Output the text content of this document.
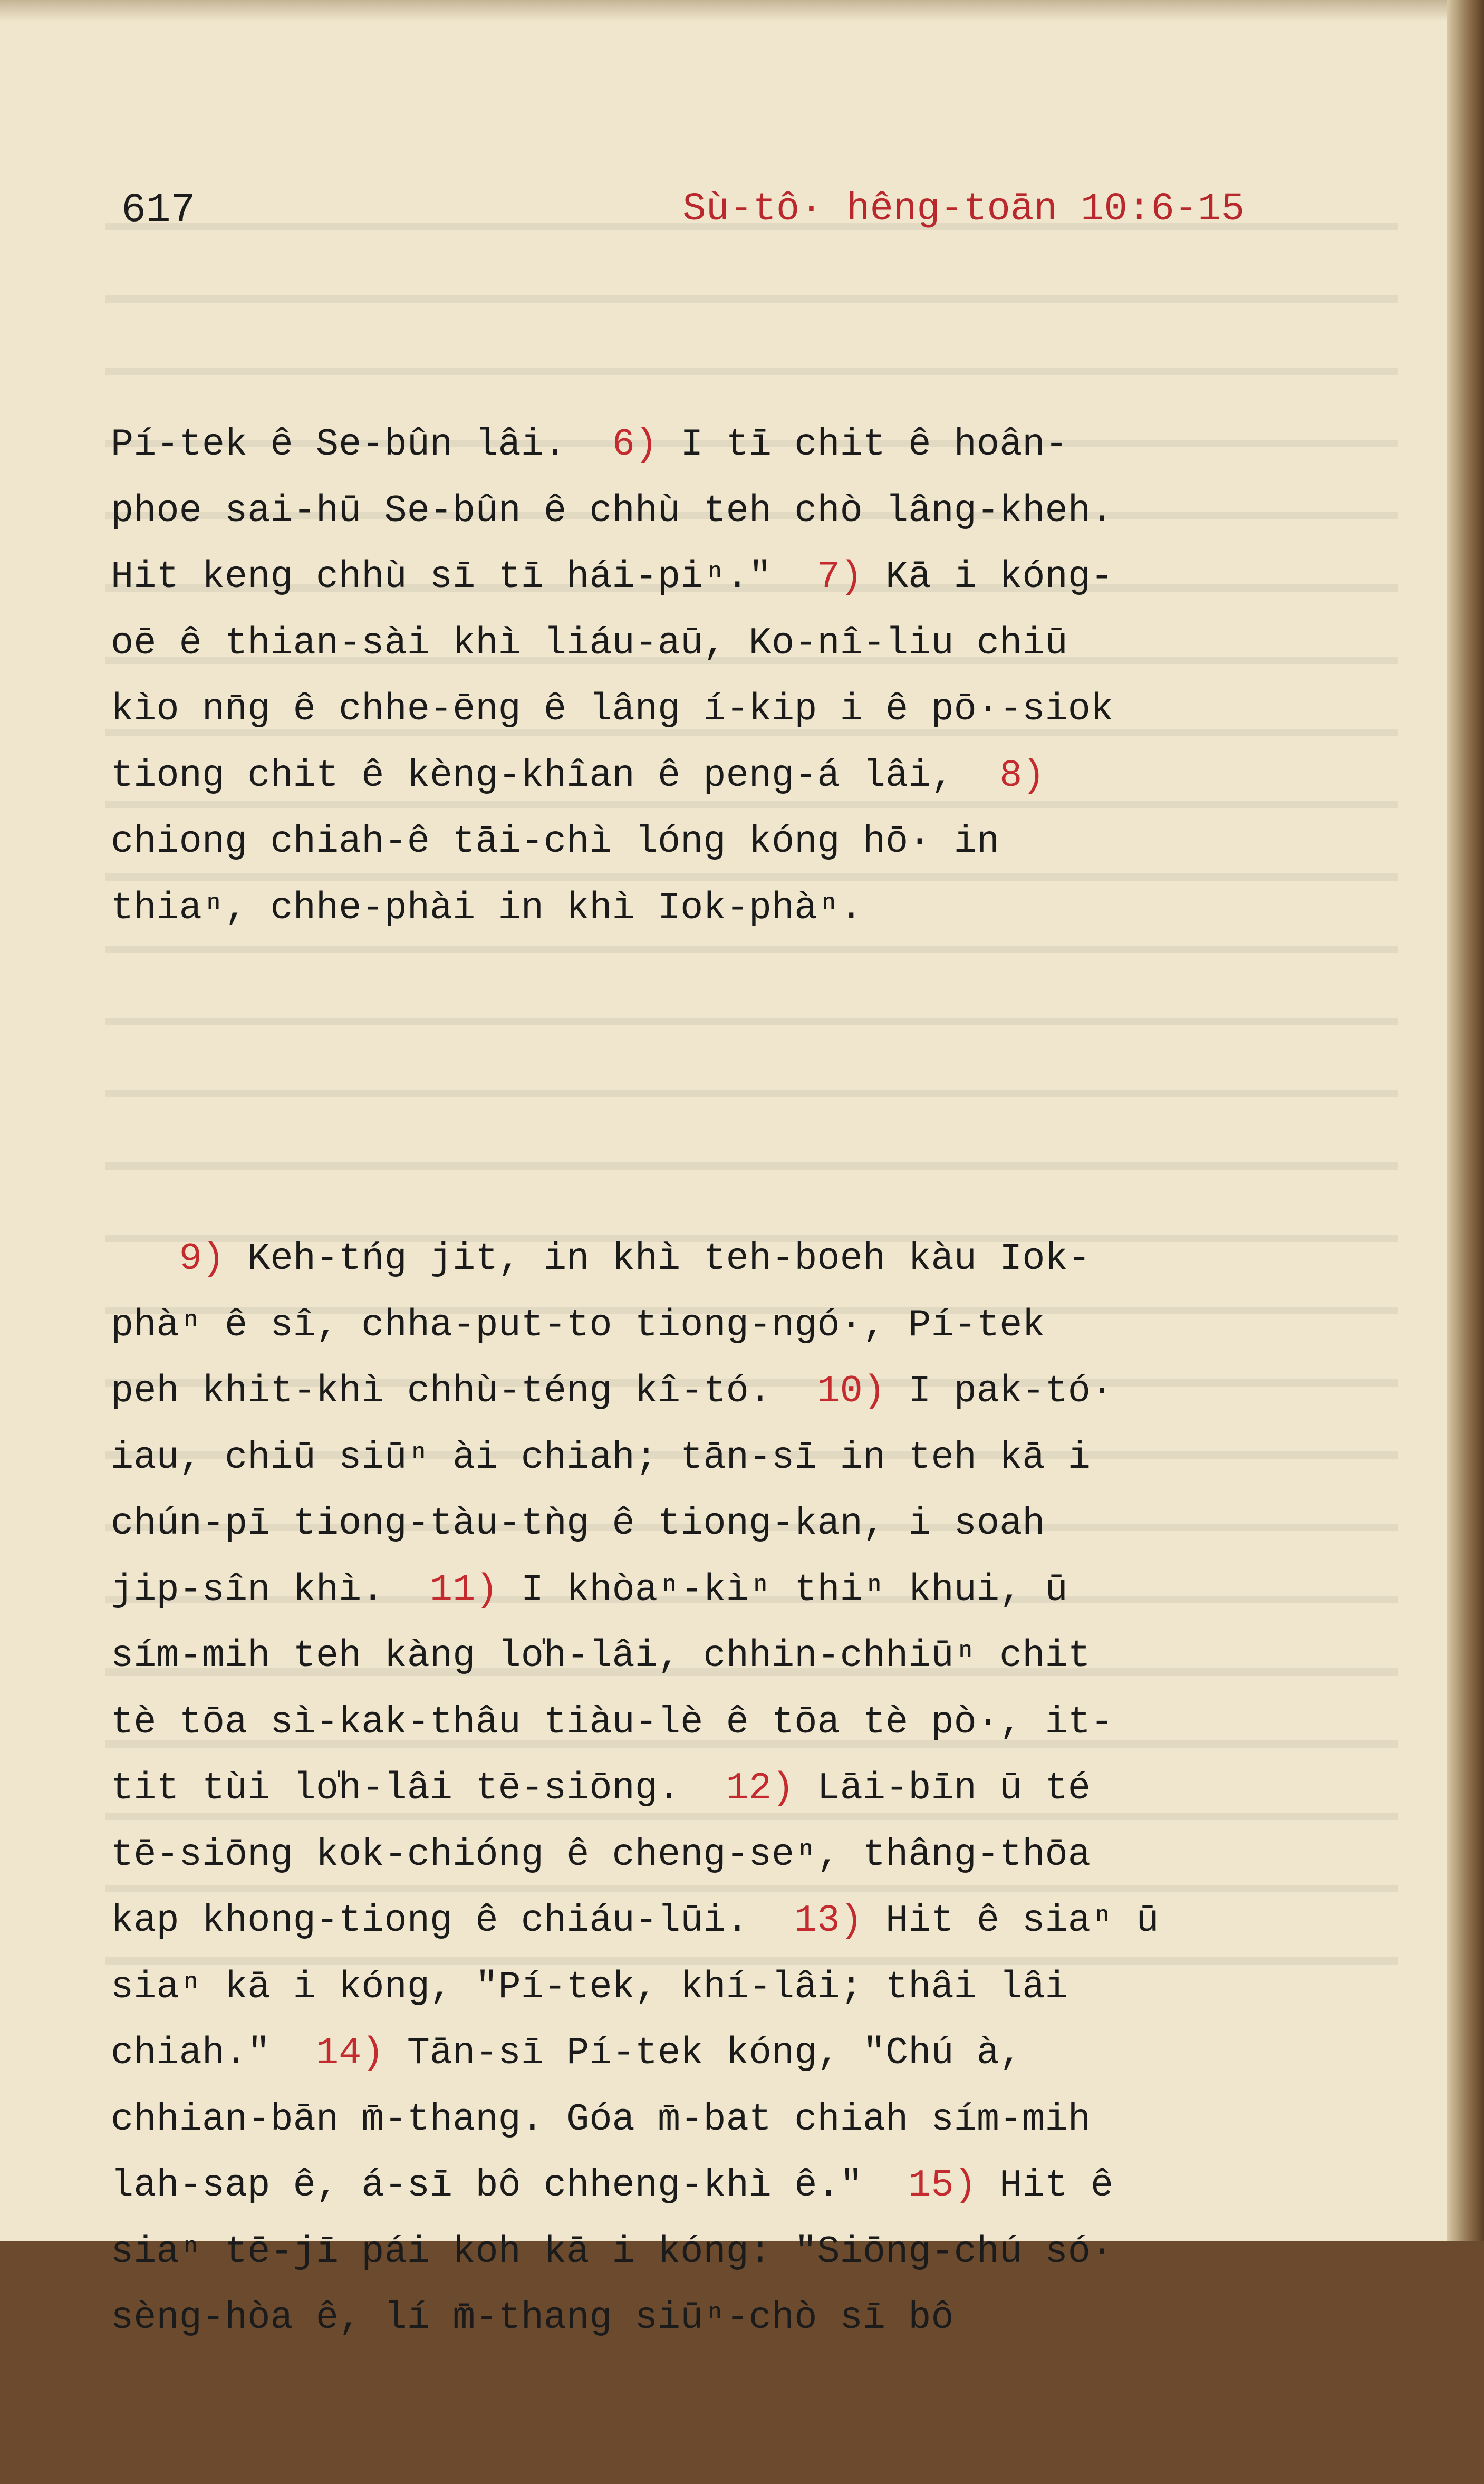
617	Sù-tô· hêng-toān 10:6-15

Pí-tek ê Se-bûn lâi.  6) I tī chit ê hoân-
phoe sai-hū Se-bûn ê chhù teh chò lâng-kheh.
Hit keng chhù sī tī hái-piⁿ."  7) Kā i kóng-
oē ê thian-sài khì liáu-aū, Ko-nî-liu chiū
kìo nn̄g ê chhe-ēng ê lâng í-kip i ê pō·-siok
tiong chit ê kèng-khîan ê peng-á lâi,  8)
chiong chiah-ê tāi-chì lóng kóng hō· in
thiaⁿ, chhe-phài in khì Iok-phàⁿ.

9) Keh-tńg jit, in khì teh-boeh kàu Iok-
phàⁿ ê sî, chha-put-to tiong-ngó·, Pí-tek
peh khit-khì chhù-téng kî-tó.  10) I pak-tó·
iau, chiū siūⁿ ài chiah; tān-sī in teh kā i
chún-pī tiong-tàu-tǹg ê tiong-kan, i soah
jip-sîn khì.  11) I khòaⁿ-kìⁿ thiⁿ khui, ū
sím-mih teh kàng lo̍h-lâi, chhin-chhiūⁿ chit
tè tōa sì-kak-thâu tiàu-lè ê tōa tè pò·, it-
tit tùi lo̍h-lâi tē-siōng.  12) Lāi-bīn ū té
tē-siōng kok-chióng ê cheng-seⁿ, thâng-thōa
kap khong-tiong ê chiáu-lūi.  13) Hit ê siaⁿ ū
siaⁿ kā i kóng, "Pí-tek, khí-lâi; thâi lâi
chiah."  14) Tān-sī Pí-tek kóng, "Chú à,
chhian-bān m̄-thang. Góa m̄-bat chiah sím-mih
lah-sap ê, á-sī bô chheng-khì ê."  15) Hit ê
siaⁿ tē-jī pái koh kā i kóng: "Siōng-chú só·
sèng-hòa ê, lí m̄-thang siūⁿ-chò sī bô
